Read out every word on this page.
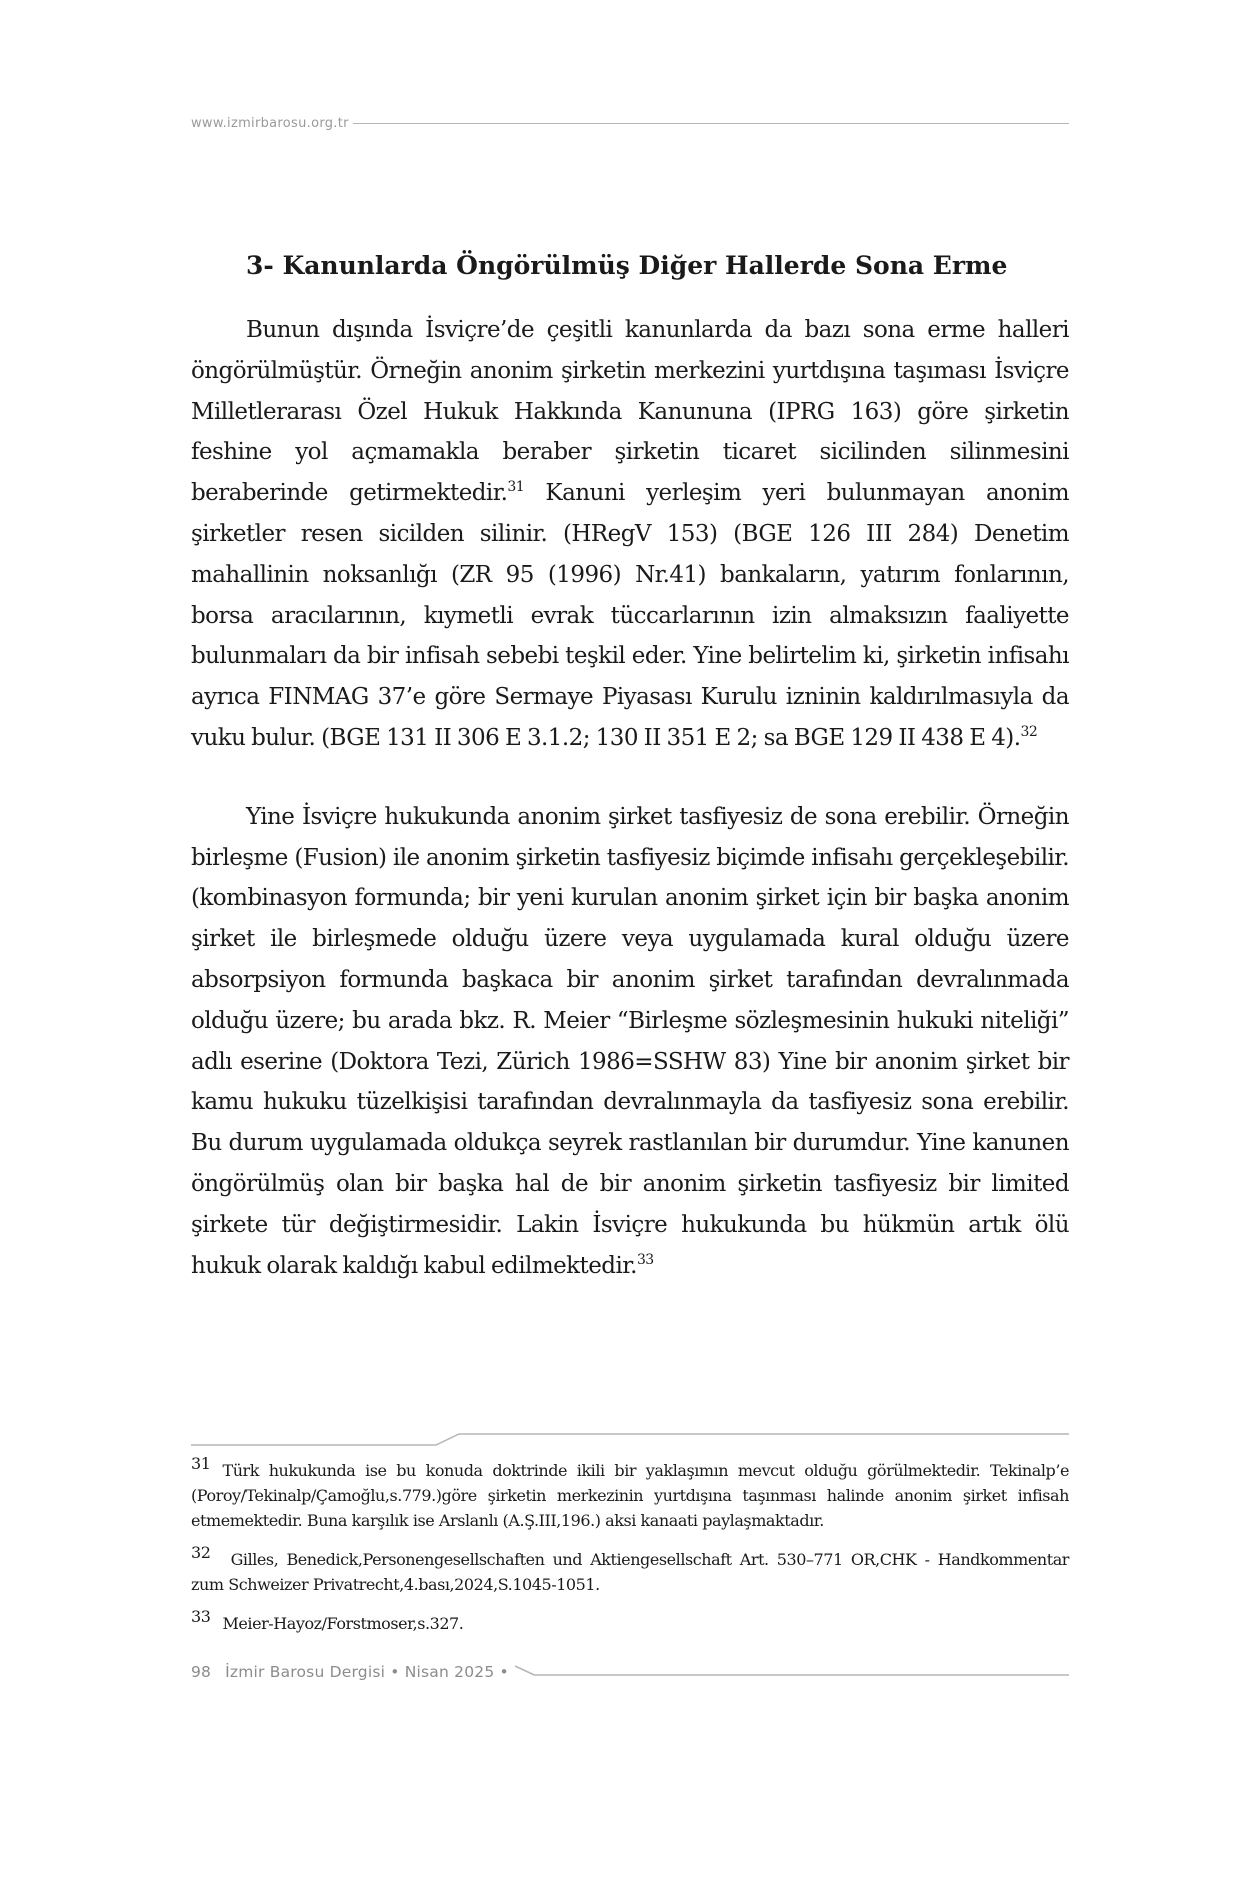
www.izmirbarosu.org.tr
3- Kanunlarda Öngörülmüş Diğer Hallerde Sona Erme

Bunun dışında İsviçre’de çeşitli kanunlarda da bazı sona erme halleri öngörülmüştür. Örneğin anonim şirketin merkezini yurtdışına taşıması İsviçre Milletlerarası Özel Hukuk Hakkında Kanununa (IPRG 163) göre şirketin feshine yol açmamakla beraber şirketin ticaret sicilinden silinmesini beraberinde getirmektedir.$^{31}$ Kanuni yerleşim yeri bulunmayan anonim şirketler resen sicilden silinir. (HRegV 153) (BGE 126 III 284) Denetim mahallinin noksanlığı (ZR 95 (1996) Nr.41) bankaların, yatırım fonlarının, borsa aracılarının, kıymetli evrak tüccarlarının izin almaksızın faaliyette bulunmaları da bir infisah sebebi teşkil eder. Yine belirtelim ki, şirketin infisahı ayrıca FINMAG 37’e göre Sermaye Piyasası Kurulu izninin kaldırılmasıyla da vuku bulur. (BGE 131 II 306 E 3.1.2; 130 II 351 E 2; sa BGE 129 II 438 E 4).$^{32}$

Yine İsviçre hukukunda anonim şirket tasfiyesiz de sona erebilir. Örneğin birleşme (Fusion) ile anonim şirketin tasfiyesiz biçimde infisahı gerçekleşebilir.(kombinasyon formunda; bir yeni kurulan anonim şirket için bir başka anonim şirket ile birleşmede olduğu üzere veya uygulamada kural olduğu üzere absorpsiyon formunda başkaca bir anonim şirket tarafından devralınmada olduğu üzere; bu arada bkz. R. Meier “Birleşme sözleşmesinin hukuki niteliği” adlı eserine (Doktora Tezi, Zürich 1986=SSHW 83) Yine bir anonim şirket bir kamu hukuku tüzelkişisi tarafından devralınmayla da tasfiyesiz sona erebilir. Bu durum uygulamada oldukça seyrek rastlanılan bir durumdur. Yine kanunen öngörülmüş olan bir başka hal de bir anonim şirketin tasfiyesiz bir limited şirkete tür değiştirmesidir. Lakin İsviçre hukukunda bu hükmün artık ölü hukuk olarak kaldığı kabul edilmektedir.$^{33}$

31 Türk hukukunda ise bu konuda doktrinde ikili bir yaklaşımın mevcut olduğu görülmektedir. Tekinalp’e (Poroy/Tekinalp/Çamoğlu,s.779.)göre şirketin merkezinin yurtdışına taşınması halinde anonim şirket infisah etmemektedir. Buna karşılık ise Arslanlı (A.Ş.III,196.) aksi kanaati paylaşmaktadır.

32 Gilles, Benedick,Personengesellschaften und Aktiengesellschaft Art. 530–771 OR,CHK - Handkommentar zum Schweizer Privatrecht,4.bası,2024,S.1045-1051.

33 Meier-Hayoz/Forstmoser,s.327.

98 İzmir Barosu Dergisi • Nisan 2025 •
